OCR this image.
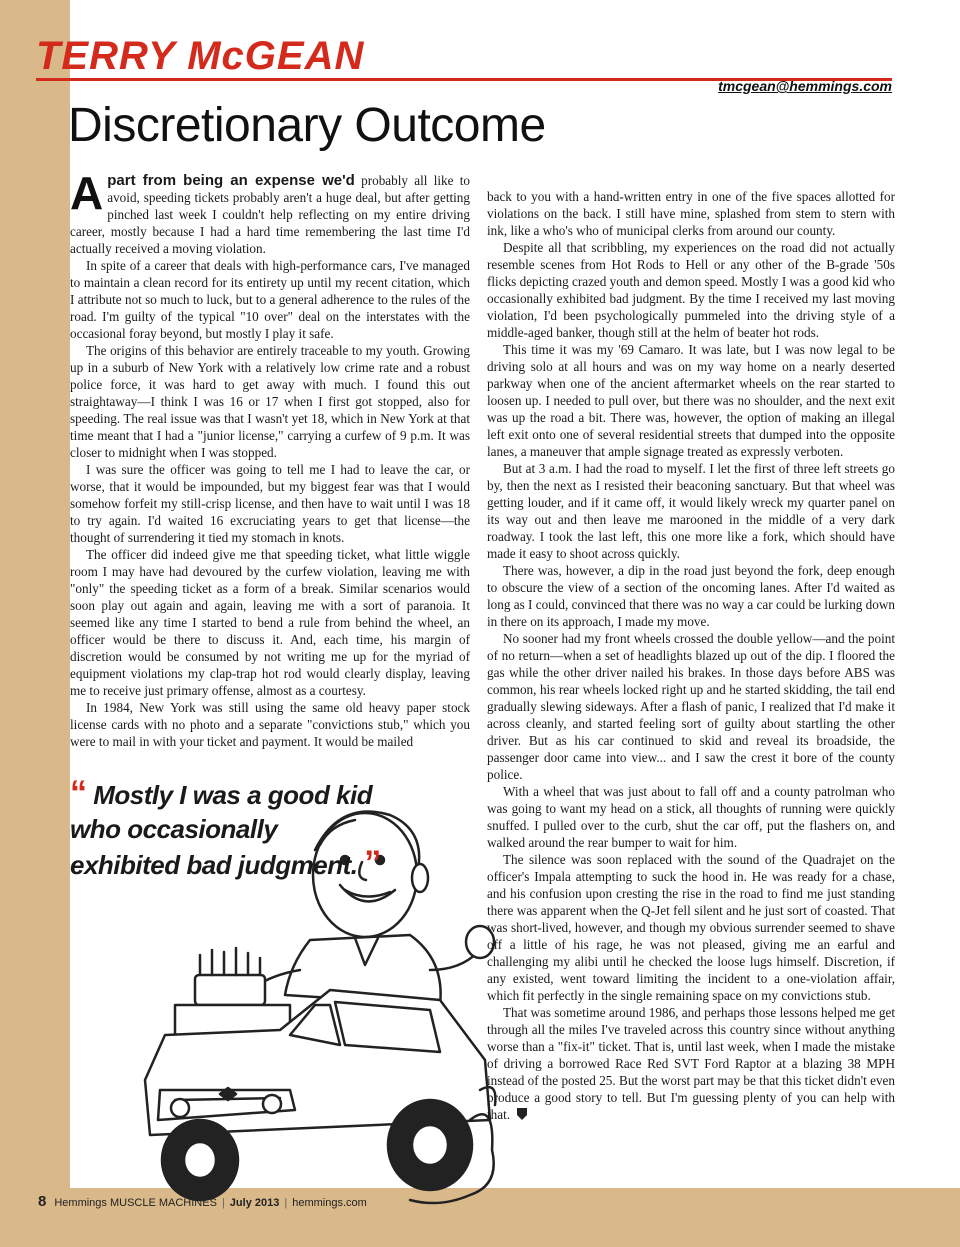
TERRY McGEAN
tmcgean@hemmings.com
Discretionary Outcome

Apart from being an expense we'd probably all like to avoid, speeding tickets probably aren't a huge deal, but after getting pinched last week I couldn't help reflecting on my entire driving career, mostly because I had a hard time remembering the last time I'd actually received a moving violation.

In spite of a career that deals with high-performance cars, I've managed to maintain a clean record for its entirety up until my recent citation, which I attribute not so much to luck, but to a general adherence to the rules of the road. I'm guilty of the typical "10 over" deal on the interstates with the occasional foray beyond, but mostly I play it safe.

The origins of this behavior are entirely traceable to my youth. Growing up in a suburb of New York with a relatively low crime rate and a robust police force, it was hard to get away with much. I found this out straightaway—I think I was 16 or 17 when I first got stopped, also for speeding. The real issue was that I wasn't yet 18, which in New York at that time meant that I had a "junior license," carrying a curfew of 9 p.m. It was closer to midnight when I was stopped.

I was sure the officer was going to tell me I had to leave the car, or worse, that it would be impounded, but my biggest fear was that I would somehow forfeit my still-crisp license, and then have to wait until I was 18 to try again. I'd waited 16 excruciating years to get that license—the thought of surrendering it tied my stomach in knots.

The officer did indeed give me that speeding ticket, what little wiggle room I may have had devoured by the curfew violation, leaving me with "only" the speeding ticket as a form of a break. Similar scenarios would soon play out again and again, leaving me with a sort of paranoia. It seemed like any time I started to bend a rule from behind the wheel, an officer would be there to discuss it. And, each time, his margin of discretion would be consumed by not writing me up for the myriad of equipment violations my clap-trap hot rod would clearly display, leaving me to receive just primary offense, almost as a courtesy.

In 1984, New York was still using the same old heavy paper stock license cards with no photo and a separate "convictions stub," which you were to mail in with your ticket and payment. It would be mailed

“ Mostly I was a good kid who occasionally exhibited bad judgment. ”

back to you with a hand-written entry in one of the five spaces allotted for violations on the back. I still have mine, splashed from stem to stern with ink, like a who's who of municipal clerks from around our county.

Despite all that scribbling, my experiences on the road did not actually resemble scenes from Hot Rods to Hell or any other of the B-grade '50s flicks depicting crazed youth and demon speed. Mostly I was a good kid who occasionally exhibited bad judgment. By the time I received my last moving violation, I'd been psychologically pummeled into the driving style of a middle-aged banker, though still at the helm of beater hot rods.

This time it was my '69 Camaro. It was late, but I was now legal to be driving solo at all hours and was on my way home on a nearly deserted parkway when one of the ancient aftermarket wheels on the rear started to loosen up. I needed to pull over, but there was no shoulder, and the next exit was up the road a bit. There was, however, the option of making an illegal left exit onto one of several residential streets that dumped into the opposite lanes, a maneuver that ample signage treated as expressly verboten.

But at 3 a.m. I had the road to myself. I let the first of three left streets go by, then the next as I resisted their beaconing sanctuary. But that wheel was getting louder, and if it came off, it would likely wreck my quarter panel on its way out and then leave me marooned in the middle of a very dark roadway. I took the last left, this one more like a fork, which should have made it easy to shoot across quickly.

There was, however, a dip in the road just beyond the fork, deep enough to obscure the view of a section of the oncoming lanes. After I'd waited as long as I could, convinced that there was no way a car could be lurking down in there on its approach, I made my move.

No sooner had my front wheels crossed the double yellow—and the point of no return—when a set of headlights blazed up out of the dip. I floored the gas while the other driver nailed his brakes. In those days before ABS was common, his rear wheels locked right up and he started skidding, the tail end gradually slewing sideways. After a flash of panic, I realized that I'd make it across cleanly, and started feeling sort of guilty about startling the other driver. But as his car continued to skid and reveal its broadside, the passenger door came into view... and I saw the crest it bore of the county police.

With a wheel that was just about to fall off and a county patrolman who was going to want my head on a stick, all thoughts of running were quickly snuffed. I pulled over to the curb, shut the car off, put the flashers on, and walked around the rear bumper to wait for him.

The silence was soon replaced with the sound of the Quadrajet on the officer's Impala attempting to suck the hood in. He was ready for a chase, and his confusion upon cresting the rise in the road to find me just standing there was apparent when the Q-Jet fell silent and he just sort of coasted. That was short-lived, however, and though my obvious surrender seemed to shave off a little of his rage, he was not pleased, giving me an earful and challenging my alibi until he checked the loose lugs himself. Discretion, if any existed, went toward limiting the incident to a one-violation affair, which fit perfectly in the single remaining space on my convictions stub.

That was sometime around 1986, and perhaps those lessons helped me get through all the miles I've traveled across this country since without anything worse than a "fix-it" ticket. That is, until last week, when I made the mistake of driving a borrowed Race Red SVT Ford Raptor at a blazing 38 MPH instead of the posted 25. But the worst part may be that this ticket didn't even produce a good story to tell. But I'm guessing plenty of you can help with that.

8 Hemmings MUSCLE MACHINES | July 2013 | hemmings.com
